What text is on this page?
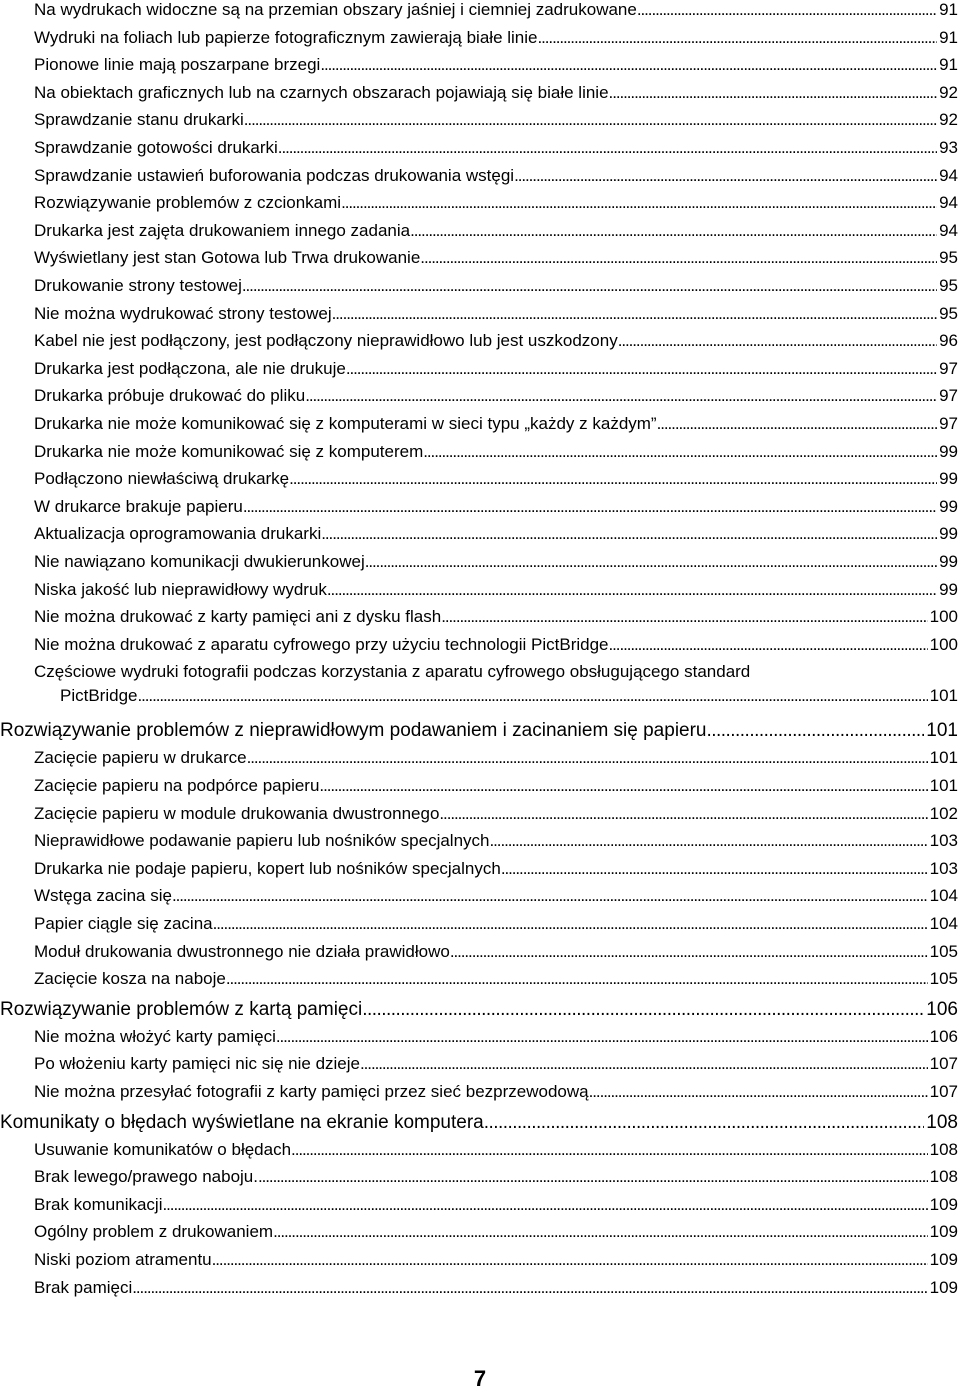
Na wydrukach widoczne są na przemian obszary jaśniej i ciemniej zadrukowane . . .	91
Wydruki na foliach lub papierze fotograficznym zawierają białe linie . . .	91
Pionowe linie mają poszarpane brzegi . . .	91
Na obiektach graficznych lub na czarnych obszarach pojawiają się białe linie . . .	92
Sprawdzanie stanu drukarki . . .	92
Sprawdzanie gotowości drukarki . . .	93
Sprawdzanie ustawień buforowania podczas drukowania wstęgi . . .	94
Rozwiązywanie problemów z czcionkami . . .	94
Drukarka jest zajęta drukowaniem innego zadania . . .	94
Wyświetlany jest stan Gotowa lub Trwa drukowanie . . .	95
Drukowanie strony testowej . . .	95
Nie można wydrukować strony testowej . . .	95
Kabel nie jest podłączony, jest podłączony nieprawidłowo lub jest uszkodzony . . .	96
Drukarka jest podłączona, ale nie drukuje . . .	97
Drukarka próbuje drukować do pliku . . .	97
Drukarka nie może komunikować się z komputerami w sieci typu „każdy z każdym” . . .	97
Drukarka nie może komunikować się z komputerem . . .	99
Podłączono niewłaściwą drukarkę . . .	99
W drukarce brakuje papieru . . .	99
Aktualizacja oprogramowania drukarki . . .	99
Nie nawiązano komunikacji dwukierunkowej . . .	99
Niska jakość lub nieprawidłowy wydruk . . .	99
Nie można drukować z karty pamięci ani z dysku flash . . .	100
Nie można drukować z aparatu cyfrowego przy użyciu technologii PictBridge . . .	100
Częściowe wydruki fotografii podczas korzystania z aparatu cyfrowego obsługującego standard
PictBridge . . .	101
Rozwiązywanie problemów z nieprawidłowym podawaniem i zacinaniem się papieru . . .	101
Zacięcie papieru w drukarce . . .	101
Zacięcie papieru na podpórce papieru . . .	101
Zacięcie papieru w module drukowania dwustronnego . . .	102
Nieprawidłowe podawanie papieru lub nośników specjalnych . . .	103
Drukarka nie podaje papieru, kopert lub nośników specjalnych . . .	103
Wstęga zacina się . . .	104
Papier ciągle się zacina . . .	104
Moduł drukowania dwustronnego nie działa prawidłowo . . .	105
Zacięcie kosza na naboje . . .	105
Rozwiązywanie problemów z kartą pamięci . . .	106
Nie można włożyć karty pamięci . . .	106
Po włożeniu karty pamięci nic się nie dzieje . . .	107
Nie można przesyłać fotografii z karty pamięci przez sieć bezprzewodową . . .	107
Komunikaty o błędach wyświetlane na ekranie komputera . . .	108
Usuwanie komunikatów o błędach . . .	108
Brak lewego/prawego naboju. . . .	108
Brak komunikacji . . .	109
Ogólny problem z drukowaniem . . .	109
Niski poziom atramentu . . .	109
Brak pamięci . . .	109
7
